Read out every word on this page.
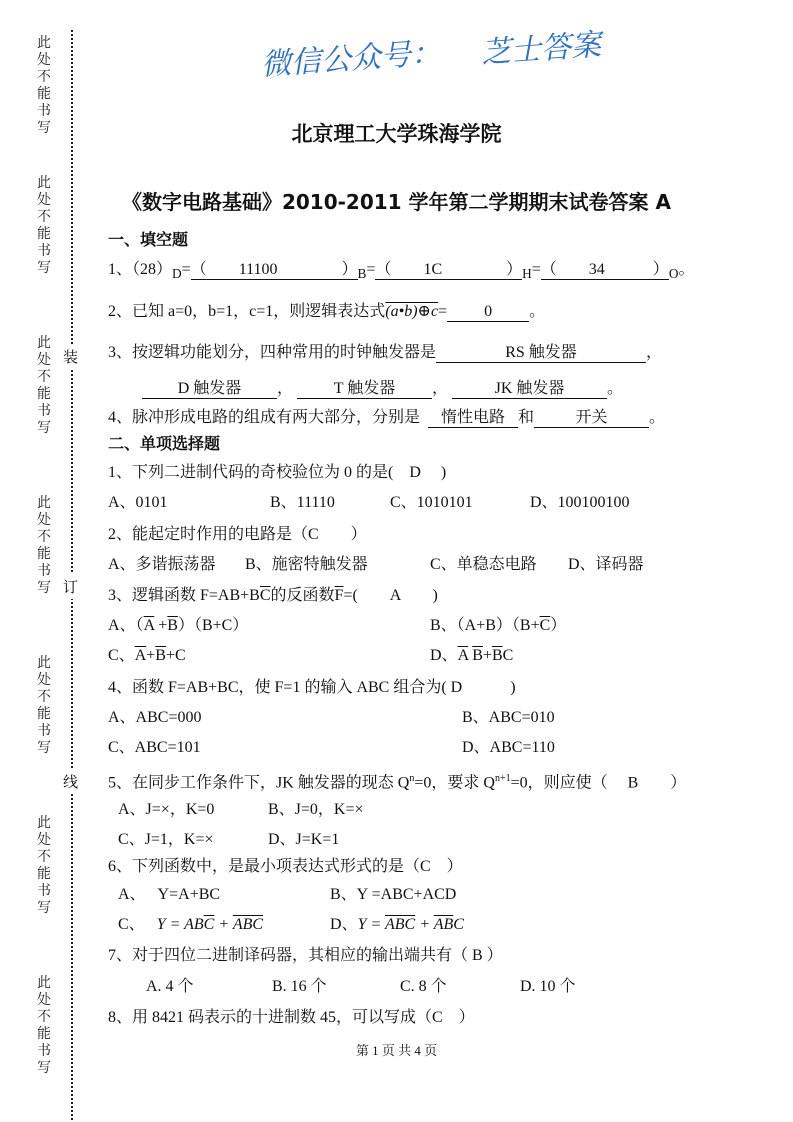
此处不能书写
此处不能书写
此处不能书写
此处不能书写
此处不能书写
此处不能书写
此处不能书写
装
订
线
微信公众号： 芝士答案
北京理工大学珠海学院
《数字电路基础》2010-2011 学年第二学期期末试卷答案 A
一、填空题
1、$(28)_D=$（　　11100　　　　）$_B=$（　　1C　　　　）$_H=$（　　34　　　）$_O$。
2、已知 a=0，b=1，c=1，则逻辑表达式(a•b)⊕c= 0 。
3、按逻辑功能划分，四种常用的时钟触发器是	RS 触发器	，
D 触发器 ，	T 触发器 ，	JK 触发器	。
4、脉冲形成电路的组成有两大部分，分别是 惰性电路 和	开关	。
二、单项选择题
1、下列二进制代码的奇校验位为 0 的是(　D　 )
A、0101	B、11110	C、1010101	D、100100100
2、能起定时作用的电路是（C　　）
A、多谐振荡器 B、施密特触发器	C、单稳态电路 D、译码器
3、逻辑函数 $F=AB+B\overline{C}$的反函数$\overline{F}=$(　　A　　)
A、$(\overline{A} +\overline{B})(B+C)$	B、$(A+B)(B+\overline{C})$
C、$\overline{A}+\overline{B}+C$	D、$\overline{A}$ $\overline{B}+\overline{B}C$
4、函数 F=AB+BC，使 F=1 的输入 ABC 组合为( D　　　)
A、ABC=000	B、ABC=010
C、ABC=101	D、ABC=110
5、在同步工作条件下，JK 触发器的现态 $Q^n=0$，要求 $Q^{n+1}=0$，则应使（　 B　　）
A、J=×，K=0	B、J=0，K=×
C、J=1，K=×	D、J=K=1
6、下列函数中，是最小项表达式形式的是（C　）
A、　 Y=A+BC	B、Y =ABC+ACD
C、　 $Y = AB\overline{C} + \overline{ABC}$	D、$Y = \overline{ABC} + \overline{AB}C$
7、对于四位二进制译码器，其相应的输出端共有（ B ）
A. 4 个	B. 16 个	C. 8 个	D. 10 个
8、用 8421 码表示的十进制数 45，可以写成（C　）
第 1 页 共 4 页
